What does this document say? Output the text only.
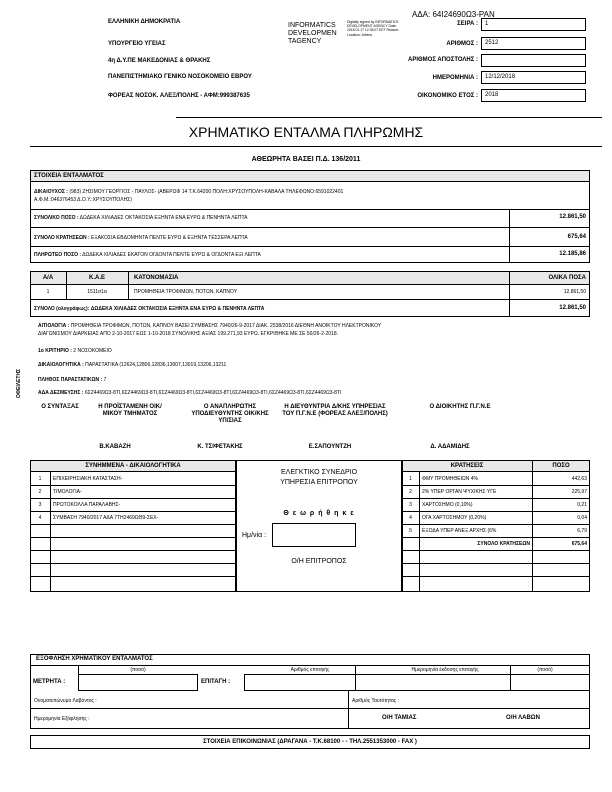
ΑΔΑ: 64Ι24690Ω3-ΡΑΝ
ΕΛΛΗΝΙΚΗ ΔΗΜΟΚΡΑΤΙΑ
ΥΠΟΥΡΓΕΙΟ ΥΓΕΙΑΣ
4η Δ.Υ.ΠΕ ΜΑΚΕΔΟΝΙΑΣ & ΘΡΑΚΗΣ
ΠΑΝΕΠΙΣΤΗΜΙΑΚΟ ΓΕΝΙΚΟ ΝΟΣΟΚΟΜΕΙΟ ΕΒΡΟΥ
ΦΟΡΕΑΣ ΝΟΣΟΚ. ΑΛΕΞ/ΠΟΛΗΣ - ΑΦΜ:999387635
INFORMATICS DEVELOPMEN TAGENCY
Digitally signed by INFORMATICS DEVELOPMENT AGENCY Date: 2018.01.17 12:33:07 EET Reason: Location: Athens
ΣΕΙΡΑ :	1
ΑΡΙΘΜΟΣ :	2512
ΑΡΙΘΜΟΣ ΑΠΟΣΤΟΛΗΣ :
ΗΜΕΡΟΜΗΝΙΑ :	12/12/2018
ΟΙΚΟΝΟΜΙΚΟ ΕΤΟΣ :	2018
ΧΡΗΜΑΤΙΚΟ ΕΝΤΑΛΜΑ ΠΛΗΡΩΜΗΣ
ΑΘΕΩΡΗΤΑ ΒΑΣΕΙ Π.Δ. 136/2011
ΣΤΟΙΧΕΙΑ ΕΝΤΑΛΜΑΤΟΣ
ΔΙΚΑΙΟΥΧΟΣ : (983) ΖΗΣΙΜΟΥ ΓΕΩΡΓΙΟΣ - ΠΑΥΛΟΣ- (ΑΒΕΡΩΦ 14 Τ.Κ.64200 ΠΟΛΗ:ΧΡΥΣΟΥΠΟΛΗ-ΚΑΒΑΛΑ ΤΗΛΕΦΩΝΟ:6591022401
Α.Φ.Μ.:046376453 Δ.Ο.Υ.:ΧΡΥΣΟΥΠΟΛΗΣ)
ΣΥΝΟΛΙΚΟ ΠΟΣΟ : ΔΩΔΕΚΑ ΧΙΛΙΑΔΕΣ ΟΚΤΑΚΟΣΙΑ ΕΞΗΝΤΑ ΕΝΑ ΕΥΡΩ & ΠΕΝΗΝΤΑ ΛΕΠΤΑ	12.861,50
ΣΥΝΟΛΟ ΚΡΑΤΗΣΕΩΝ : ΕΞΑΚΟΣΙΑ ΕΒΔΟΜΗΝΤΑ ΠΕΝΤΕ ΕΥΡΩ & ΕΞΗΝΤΑ ΤΕΣΣΕΡΑ ΛΕΠΤΑ	675,64
ΠΛΗΡΩΤΕΟ ΠΟΣΟ : ΔΩΔΕΚΑ ΧΙΛΙΑΔΕΣ ΕΚΑΤΟΝ ΟΓΔΟΝΤΑ ΠΕΝΤΕ ΕΥΡΩ & ΟΓΔΟΝΤΑ ΕΞΙ ΛΕΠΤΑ	12.185,86
Α/Α	Κ.Α.Ε	ΚΑΤΟΝΟΜΑΣΙΑ	ΟΛΙΚΑ ΠΟΣΑ
1	1511σ1α	ΠΡΟΜΗΘΕΙΑ ΤΡΟΦΙΜΩΝ, ΠΟΤΩΝ, ΚΑΠΝΟΥ	12.861,50
ΣΥΝΟΛΟ (ολογράφως): ΔΩΔΕΚΑ ΧΙΛΙΑΔΕΣ ΟΚΤΑΚΟΣΙΑ ΕΞΗΝΤΑ ΕΝΑ ΕΥΡΩ & ΠΕΝΗΝΤΑ ΛΕΠΤΑ	12.861,50
ΑΙΤΙΟΛΟΓΙΑ : ΠΡΟΜΗΘΕΙΑ ΤΡΟΦΙΜΩΝ, ΠΟΤΩΝ, ΚΑΠΝΟΥ ΒΑΣΕΙ ΣΥΜΒΑΣΗΣ 7940/26-9-2017 ΔΙΑΚ. 2538/2016 ΔΙΕΘΝΗ ΑΝΟΙΚΤΟΥ ΗΛΕΚΤΡΟΝΙΚΟΥ
ΔΙΑΓΩΝΙΣΜΟΥ ΔΙΑΡΚΕΙΑΣ ΑΠΟ 2-10-2017 ΕΩΣ 1-10-2018 ΣΥΝΟΛΙΚΗΣ ΑΞΙΑΣ 199.271,93 ΕΥΡΩ. ΕΓΚΡΙΘΗΚΕ ΜΕ ΣΕ 50/26-2-2018.
1ο ΚΡΙΤΗΡΙΟ : 2 ΝΟΣΟΚΟΜΕΙΟ
ΔΙΚΑΙΟΛΟΓΗΤΙΚΑ : ΠΑΡΑΣΤΑΤΙΚΑ (12624,12806,12836,13007,13019,13206,13211
ΠΛΗΘΟΣ ΠΑΡΑΣΤΑΤΙΚΩΝ : 7
ΑΔΑ ΔΕΣΜΕΥΣΗΣ : 6ΣΖ4469Ω3-8ΤΙ,6ΣΖ4469Ω3-8ΤΙ,6ΣΖ4469Ω3-8ΤΙ,6ΣΖ4469Ω3-8ΤΙ,6ΣΖ4469Ω3-8ΤΙ,6ΣΖ4469Ω3-8ΤΙ,6ΣΖ4469Ω3-8ΤΙ
ΟΦΕΙΛΕΤΗΣ
Ο ΣΥΝΤΑΞΑΣ	Η ΠΡΟΪΣΤΑΜΕΝΗ ΟΙΚ/ΜΙΚΟΥ ΤΜΗΜΑΤΟΣ
Ο ΑΝΑΠΛΗΡΩΤΗΣ ΥΠΟΔΙΕΥΘΥΝΤΗΣ ΟΙΚ/ΚΗΣ ΥΠ/ΣΙΑΣ
Η ΔΙΕΥΘΥΝΤΡΙΑ Δ/ΚΗΣ ΥΠΗΡΕΣΙΑΣ ΤΟΥ Π.Γ.Ν.Ε (ΦΟΡΕΑΣ ΑΛΕΞ/ΠΟΛΗΣ)
Ο ΔΙΟΙΚΗΤΗΣ Π.Γ.Ν.Ε
Β.ΚΑΒΑΖΗ	Κ. ΤΣΙΦΕΤΑΚΗΣ	Ε.ΣΑΠΟΥΝΤΖΗ	Δ. ΑΔΑΜΙΔΗΣ
ΣΥΝΗΜΜΕΝΑ - ΔΙΚΑΙΟΛΟΓΗΤΙΚΑ
1	ΕΠΙΧΕΙΡΗΣΙΑΚΗ ΚΑΤΑΣΤΑΣΗ-
2	ΤΙΜΟΛΟΓΙΑ-
3	ΠΡΩΤΟΚΟΛΛΑ ΠΑΡΑΛΑΒΗΣ-
4	ΣΥΜΒΑΣΗ 7940/2017 ΑΔΑ 7ΤΗ2469ΩΘ9-ΣΕΧ-
ΕΛΕΓΚΤΙΚΟ ΣΥΝΕΔΡΙΟ
ΥΠΗΡΕΣΙΑ ΕΠΙΤΡΟΠΟΥ
Θ ε ω ρ ή θ η κ ε
Ημ/νία :
Ο/Η ΕΠΙΤΡΟΠΟΣ
ΚΡΑΤΗΣΕΙΣ	ΠΟΣΟ
1	ΦΜΥ ΠΡΟΜΗΘΕΙΩΝ 4%	442,63
2	2% ΥΠΕΡ ΟΡΓΑΝ ΨΥΧΙΚΗΣ ΥΓΕ	225,97
3	ΧΑΡΤΟΣΗΜΟ (0,10%)	0,21
4	ΟΓΑ ΧΑΡΤΟΣΗΜΟΥ (0,20%)	0,04
5	ΕΞΟΔΑ ΥΠΕΡ ΑΝΕΞ ΑΡΧΗΣ (6%	6,79
ΣΥΝΟΛΟ ΚΡΑΤΗΣΕΩΝ	675,64
ΕΞΟΦΛΗΣΗ ΧΡΗΜΑΤΙΚΟΥ ΕΝΤΑΛΜΑΤΟΣ
(ποσό)	Αριθμός επιταγής	Ημερομηνία έκδοσης επιταγής	(ποσό)
ΜΕΤΡΗΤΑ :	ΕΠΙΤΑΓΗ :
Ονοματεπώνυμο Λαβόντος :	Αριθμός Ταυτότητας :
Ημερομηνία Εξόφλησης :	Ο/Η ΤΑΜΙΑΣ	Ο/Η ΛΑΒΩΝ
ΣΤΟΙΧΕΙΑ ΕΠΙΚΟΙΝΩΝΙΑΣ (ΔΡΑΓΑΝΑ - Τ.Κ.68100 - - ΤΗΛ.2551353000 - FAX )
